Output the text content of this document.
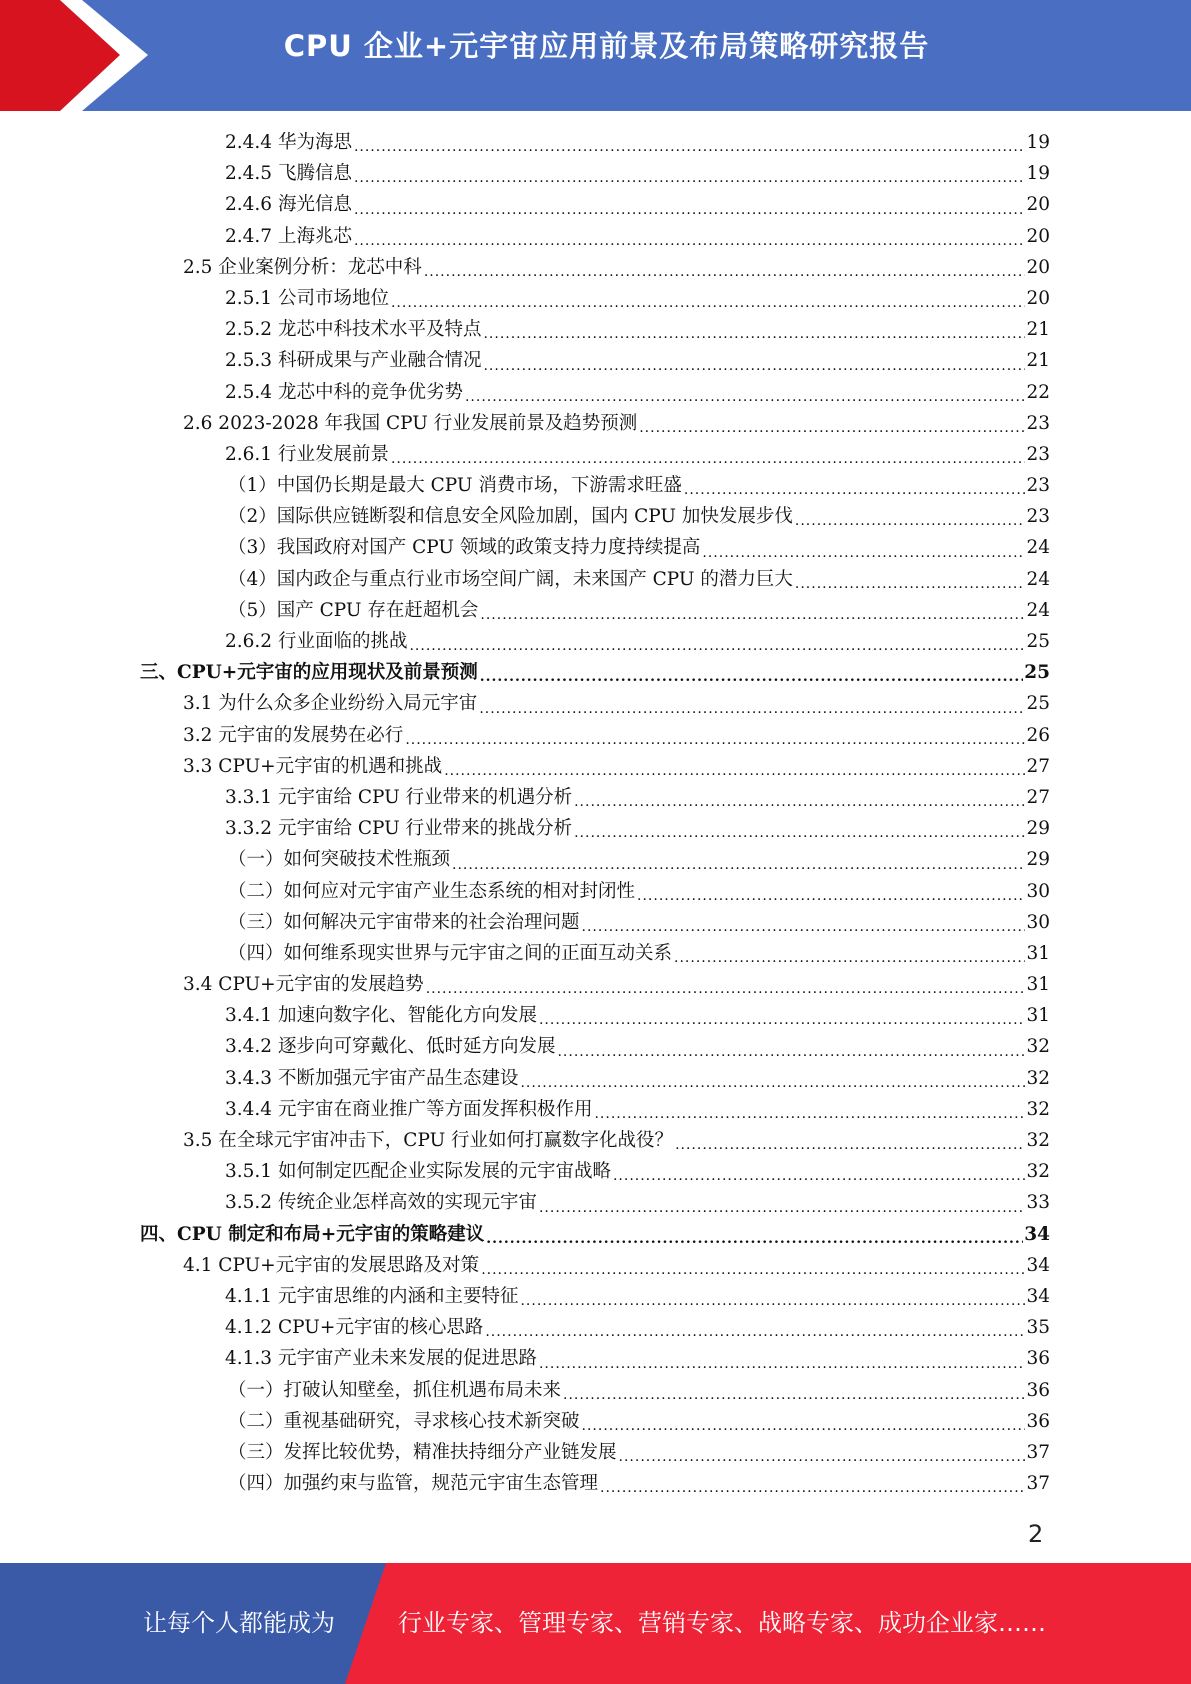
CPU 企业+元宇宙应用前景及布局策略研究报告
2.4.4 华为海思 .....	19
2.4.5 飞腾信息 .....	19
2.4.6 海光信息 .....	20
2.4.7 上海兆芯 .....	20
2.5 企业案例分析：龙芯中科 .....	20
2.5.1 公司市场地位 .....	20
2.5.2 龙芯中科技术水平及特点 .....	21
2.5.3 科研成果与产业融合情况 .....	21
2.5.4 龙芯中科的竞争优劣势 .....	22
2.6 2023-2028 年我国 CPU 行业发展前景及趋势预测 .....	23
2.6.1 行业发展前景 .....	23
（1）中国仍长期是最大 CPU 消费市场，下游需求旺盛 .....	23
（2）国际供应链断裂和信息安全风险加剧，国内 CPU 加快发展步伐 .....	23
（3）我国政府对国产 CPU 领域的政策支持力度持续提高 .....	24
（4）国内政企与重点行业市场空间广阔，未来国产 CPU 的潜力巨大 .....	24
（5）国产 CPU 存在赶超机会 .....	24
2.6.2 行业面临的挑战 .....	25
三、CPU+元宇宙的应用现状及前景预测 .....	25
3.1 为什么众多企业纷纷入局元宇宙 .....	25
3.2 元宇宙的发展势在必行 .....	26
3.3 CPU+元宇宙的机遇和挑战 .....	27
3.3.1 元宇宙给 CPU 行业带来的机遇分析 .....	27
3.3.2 元宇宙给 CPU 行业带来的挑战分析 .....	29
（一）如何突破技术性瓶颈 .....	29
（二）如何应对元宇宙产业生态系统的相对封闭性 .....	30
（三）如何解决元宇宙带来的社会治理问题 .....	30
（四）如何维系现实世界与元宇宙之间的正面互动关系 .....	31
3.4 CPU+元宇宙的发展趋势 .....	31
3.4.1 加速向数字化、智能化方向发展 .....	31
3.4.2 逐步向可穿戴化、低时延方向发展 .....	32
3.4.3 不断加强元宇宙产品生态建设 .....	32
3.4.4 元宇宙在商业推广等方面发挥积极作用 .....	32
3.5 在全球元宇宙冲击下，CPU 行业如何打赢数字化战役？ .....	32
3.5.1 如何制定匹配企业实际发展的元宇宙战略 .....	32
3.5.2 传统企业怎样高效的实现元宇宙 .....	33
四、CPU 制定和布局+元宇宙的策略建议 .....	34
4.1 CPU+元宇宙的发展思路及对策 .....	34
4.1.1 元宇宙思维的内涵和主要特征 .....	34
4.1.2 CPU+元宇宙的核心思路 .....	35
4.1.3 元宇宙产业未来发展的促进思路 .....	36
（一）打破认知壁垒，抓住机遇布局未来 .....	36
（二）重视基础研究，寻求核心技术新突破 .....	36
（三）发挥比较优势，精准扶持细分产业链发展 .....	37
（四）加强约束与监管，规范元宇宙生态管理 .....	37
2
让每个人都能成为	行业专家、管理专家、营销专家、战略专家、成功企业家……
